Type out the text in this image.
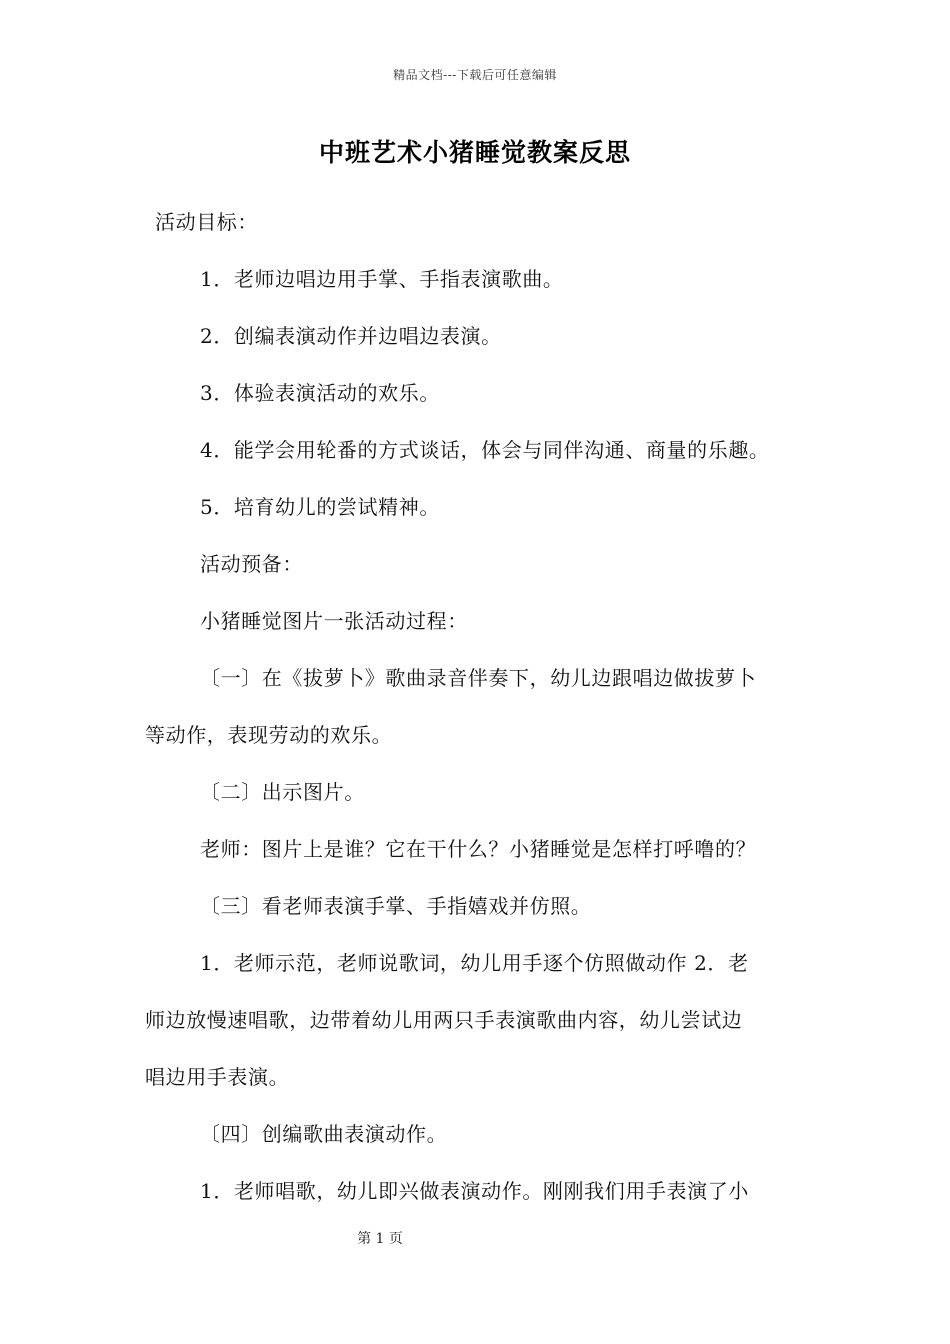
精品文档---下载后可任意编辑
中班艺术小猪睡觉教案反思
活动目标：
1．老师边唱边用手掌、手指表演歌曲。
2．创编表演动作并边唱边表演。
3．体验表演活动的欢乐。
4．能学会用轮番的方式谈话，体会与同伴沟通、商量的乐趣。
5．培育幼儿的尝试精神。
活动预备：
小猪睡觉图片一张活动过程：
〔一〕在《拔萝卜》歌曲录音伴奏下，幼儿边跟唱边做拔萝卜
等动作，表现劳动的欢乐。
〔二〕出示图片。
老师：图片上是谁？它在干什么？小猪睡觉是怎样打呼噜的？
〔三〕看老师表演手掌、手指嬉戏并仿照。
1．老师示范，老师说歌词，幼儿用手逐个仿照做动作 2．老
师边放慢速唱歌，边带着幼儿用两只手表演歌曲内容，幼儿尝试边
唱边用手表演。
〔四〕创编歌曲表演动作。
1．老师唱歌，幼儿即兴做表演动作。刚刚我们用手表演了小
第 1 页
